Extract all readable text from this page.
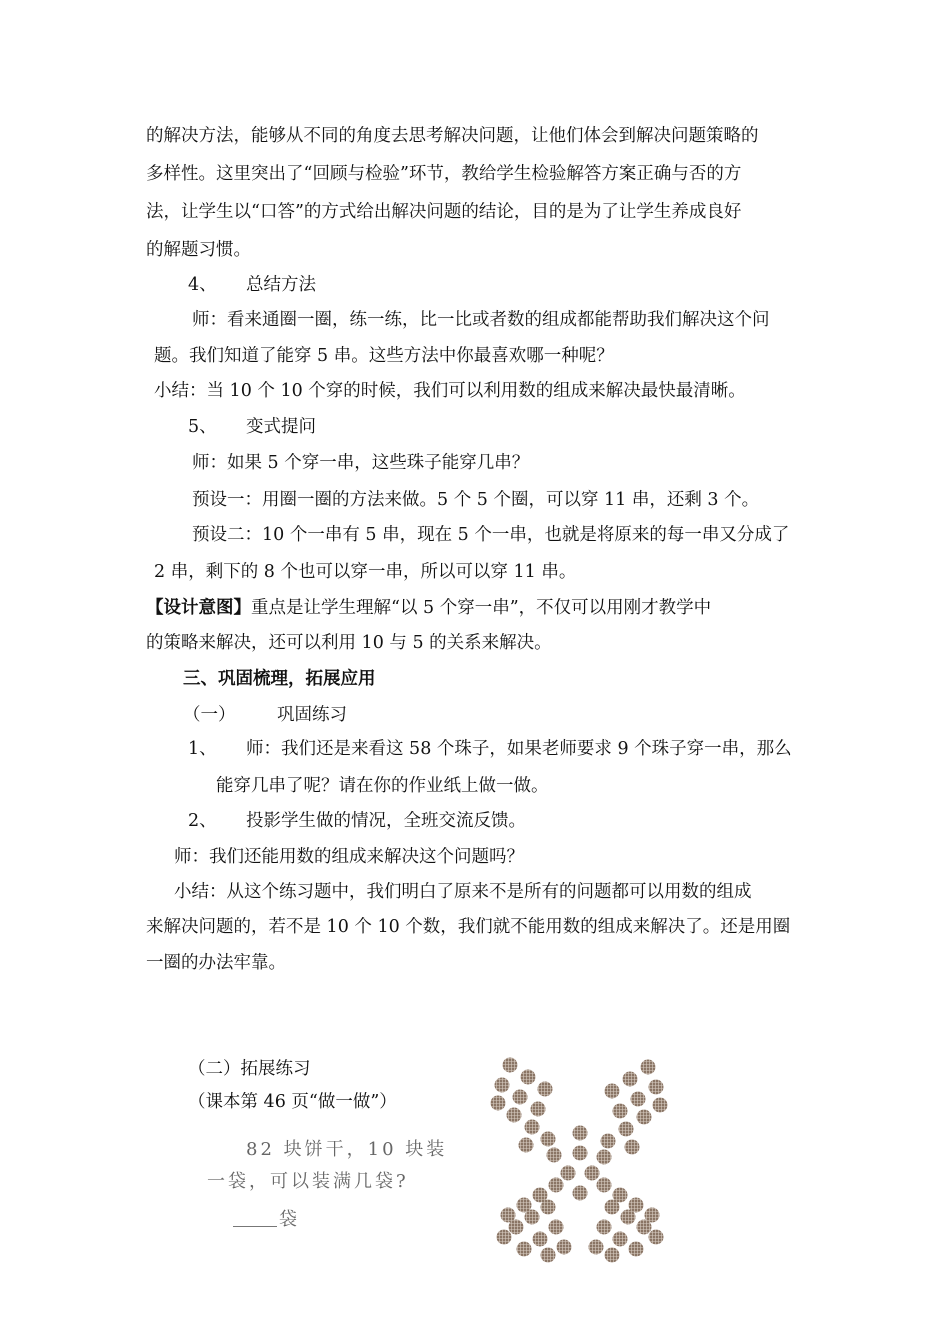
的解决方法，能够从不同的角度去思考解决问题，让他们体会到解决问题策略的
多样性。这里突出了“回顾与检验”环节，教给学生检验解答方案正确与否的方
法，让学生以“口答”的方式给出解决问题的结论，目的是为了让学生养成良好
的解题习惯。
4、 总结方法
师：看来通圈一圈，练一练，比一比或者数的组成都能帮助我们解决这个问
题。我们知道了能穿 5 串。这些方法中你最喜欢哪一种呢？
小结：当 10 个 10 个穿的时候，我们可以利用数的组成来解决最快最清晰。
5、 变式提问
师：如果 5 个穿一串，这些珠子能穿几串？
预设一：用圈一圈的方法来做。5 个 5 个圈，可以穿 11 串，还剩 3 个。
预设二：10 个一串有 5 串，现在 5 个一串，也就是将原来的每一串又分成了
2 串，剩下的 8 个也可以穿一串，所以可以穿 11 串。
【设计意图】重点是让学生理解“以 5 个穿一串”，不仅可以用刚才教学中
的策略来解决，还可以利用 10 与 5 的关系来解决。
三、巩固梳理，拓展应用
（一） 巩固练习
1、 师：我们还是来看这 58 个珠子，如果老师要求 9 个珠子穿一串，那么
能穿几串了呢？请在你的作业纸上做一做。
2、 投影学生做的情况，全班交流反馈。
师：我们还能用数的组成来解决这个问题吗？
小结：从这个练习题中，我们明白了原来不是所有的问题都可以用数的组成
来解决问题的，若不是 10 个 10 个数，我们就不能用数的组成来解决了。还是用圈
一圈的办法牢靠。
（二）拓展练习
（课本第 46 页“做一做”）
82 块饼干，10 块装
一袋，可以装满几袋?
袋
